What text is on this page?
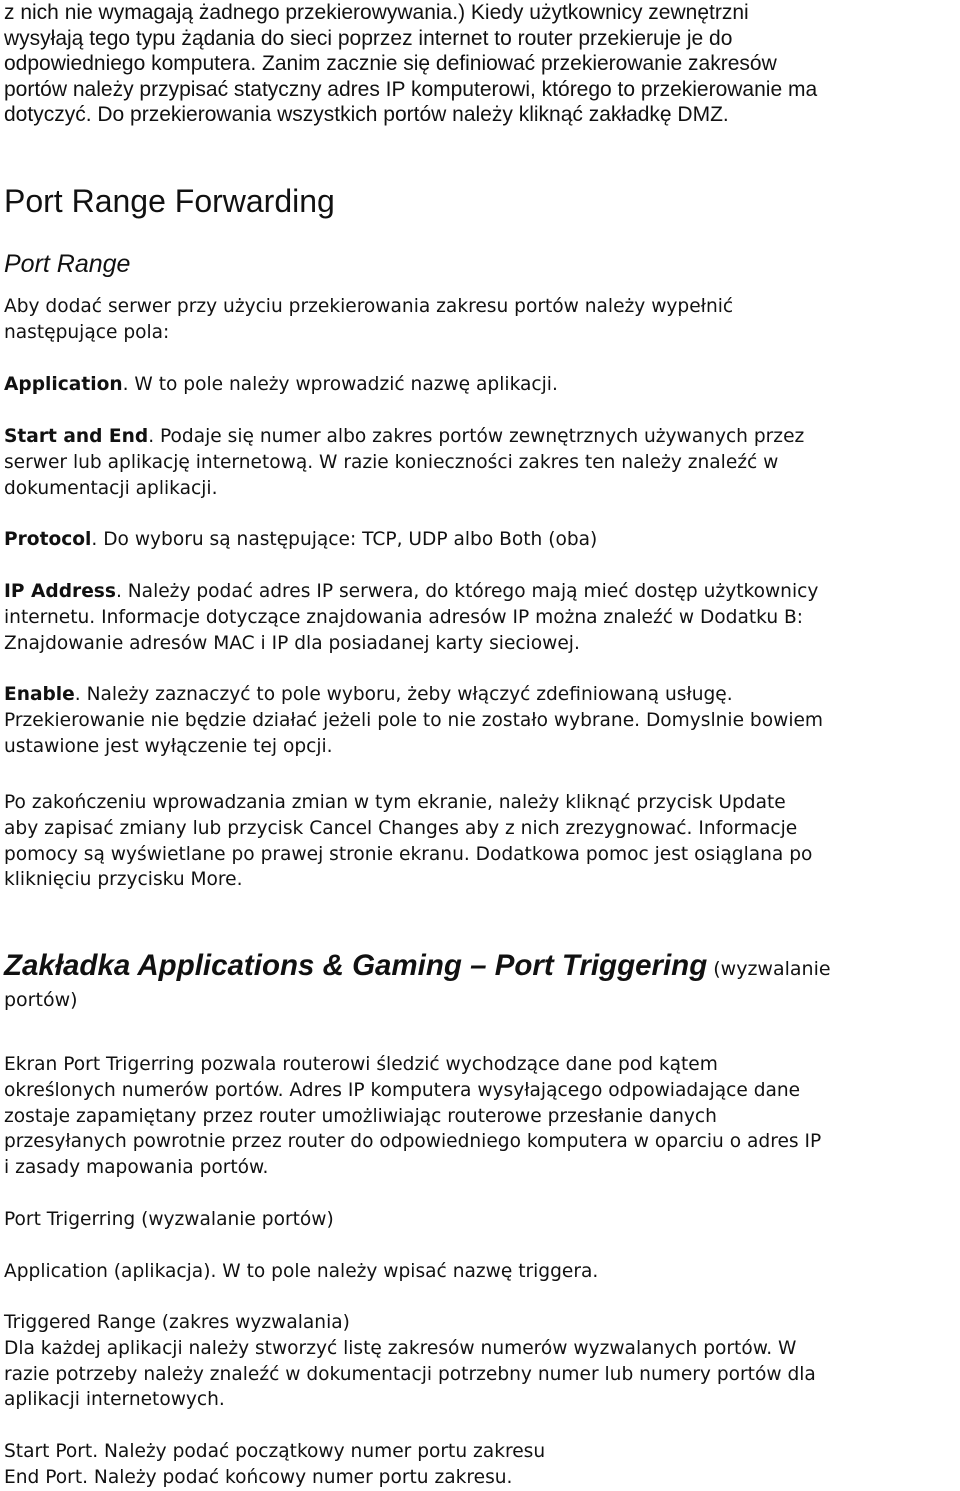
z nich nie wymagają żadnego przekierowywania.) Kiedy użytkownicy zewnętrzni

wysyłają tego typu żądania do sieci poprzez internet to router przekieruje je do

odpowiedniego komputera. Zanim zacznie się definiować przekierowanie zakresów

portów należy przypisać statyczny adres IP komputerowi, którego to przekierowanie ma

dotyczyć. Do przekierowania wszystkich portów należy kliknąć zakładkę DMZ.

Port Range Forwarding
Port Range

Aby dodać serwer przy użyciu przekierowania zakresu portów należy wypełnić

następujące pola:

Application. W to pole należy wprowadzić nazwę aplikacji.

Start and End. Podaje się numer albo zakres portów zewnętrznych używanych przez

serwer lub aplikację internetową. W razie konieczności zakres ten należy znaleźć w

dokumentacji aplikacji.

Protocol. Do wyboru są następujące: TCP, UDP albo Both (oba)

IP Address. Należy podać adres IP serwera, do którego mają mieć dostęp użytkownicy

internetu. Informacje dotyczące znajdowania adresów IP można znaleźć w Dodatku B:

Znajdowanie adresów MAC i IP dla posiadanej karty sieciowej.

Enable. Należy zaznaczyć to pole wyboru, żeby włączyć zdefiniowaną usługę.

Przekierowanie nie będzie działać jeżeli pole to nie zostało wybrane. Domyslnie bowiem

ustawione jest wyłączenie tej opcji.

Po zakończeniu wprowadzania zmian w tym ekranie, należy kliknąć przycisk Update

aby zapisać zmiany lub przycisk Cancel Changes aby z nich zrezygnować. Informacje

pomocy są wyświetlane po prawej stronie ekranu. Dodatkowa pomoc jest osiąglana po

kliknięciu przycisku More.

Zakładka Applications & Gaming – Port Triggering (wyzwalanie

portów)

Ekran Port Trigerring pozwala routerowi śledzić wychodzące dane pod kątem

określonych numerów portów. Adres IP komputera wysyłającego odpowiadające dane

zostaje zapamiętany przez router umożliwiając routerowe przesłanie danych

przesyłanych powrotnie przez router do odpowiedniego komputera w oparciu o adres IP

i zasady mapowania portów.

Port Trigerring (wyzwalanie portów)

Application (aplikacja). W to pole należy wpisać nazwę triggera.

Triggered Range (zakres wyzwalania)

Dla każdej aplikacji należy stworzyć listę zakresów numerów wyzwalanych portów. W

razie potrzeby należy znaleźć w dokumentacji potrzebny numer lub numery portów dla

aplikacji internetowych.

Start Port. Należy podać początkowy numer portu zakresu

End Port. Należy podać końcowy numer portu zakresu.
